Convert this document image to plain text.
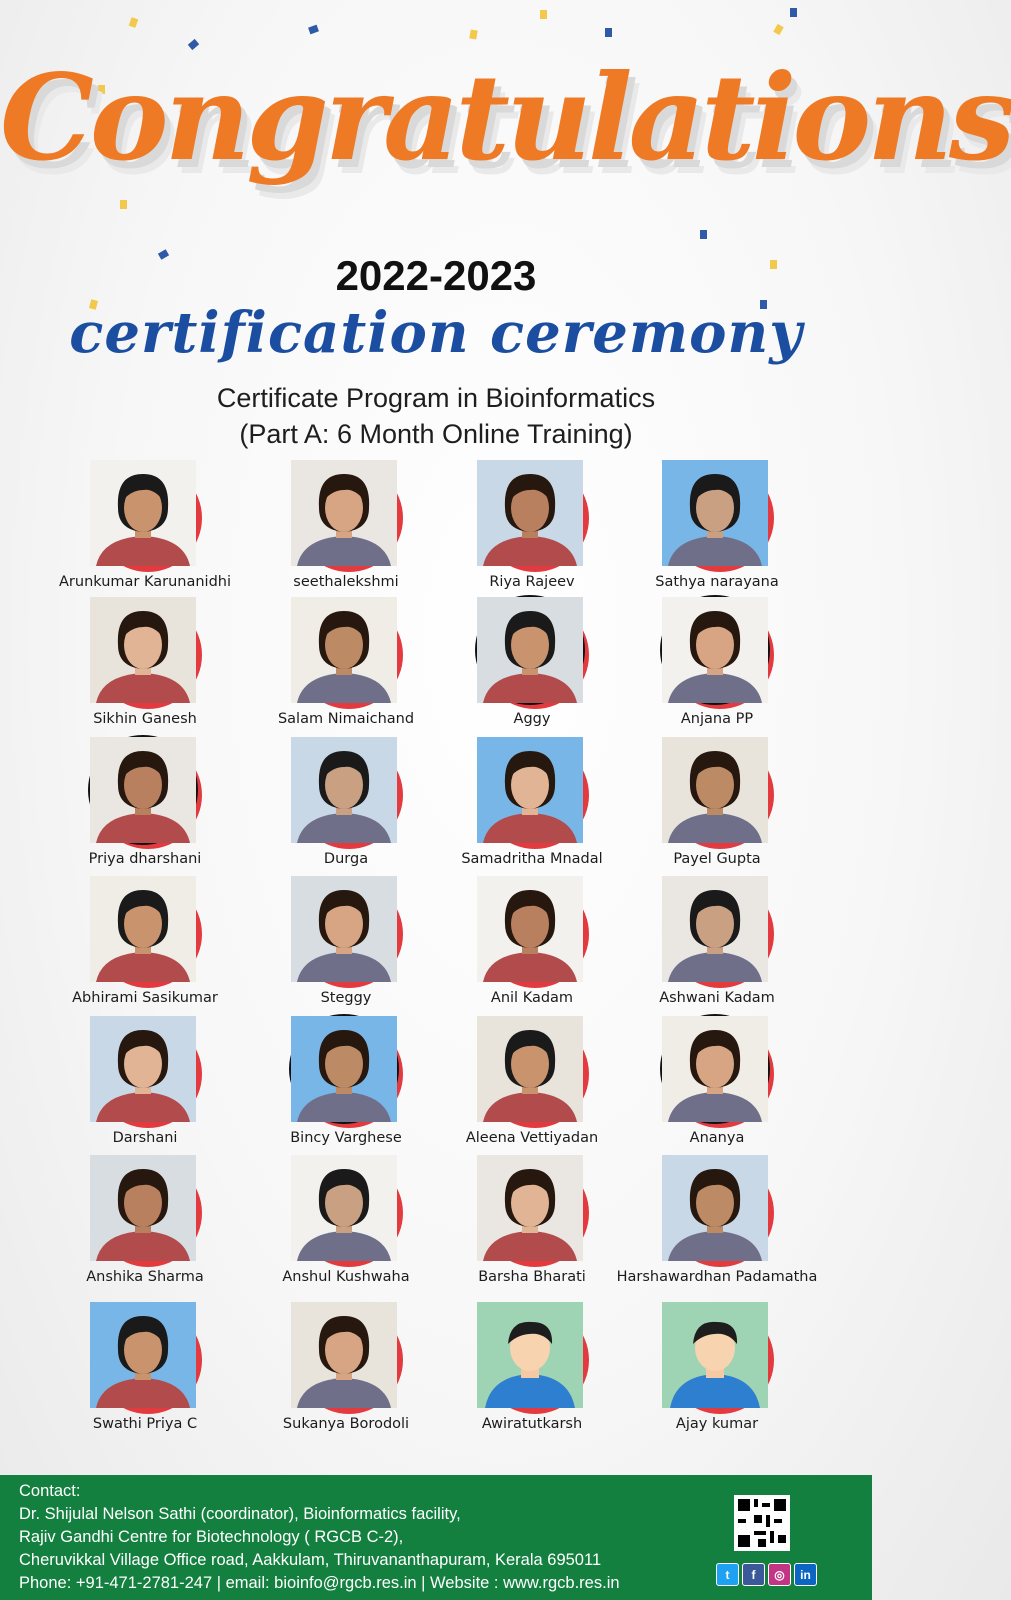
Congratulations
2022-2023
certification ceremony
Certificate Program in Bioinformatics
(Part A: 6 Month Online Training)
Arunkumar Karunanidhi	seethalekshmi	Riya Rajeev	Sathya narayana
Sikhin Ganesh	Salam Nimaichand	Aggy	Anjana PP
Priya dharshani	Durga	Samadritha Mnadal	Payel Gupta
Abhirami Sasikumar	Steggy	Anil Kadam	Ashwani Kadam
Darshani	Bincy Varghese	Aleena Vettiyadan	Ananya
Anshika Sharma	Anshul Kushwaha	Barsha Bharati	Harshawardhan Padamatha
Swathi Priya C	Sukanya Borodoli	Awiratutkarsh	Ajay kumar
Contact:
Dr. Shijulal Nelson Sathi (coordinator), Bioinformatics facility,
Rajiv Gandhi Centre for Biotechnology ( RGCB C-2),
Cheruvikkal Village Office road, Aakkulam, Thiruvananthapuram, Kerala 695011
Phone: +91-471-2781-247 | email: bioinfo@rgcb.res.in | Website : www.rgcb.res.in	t	f	◎	in
